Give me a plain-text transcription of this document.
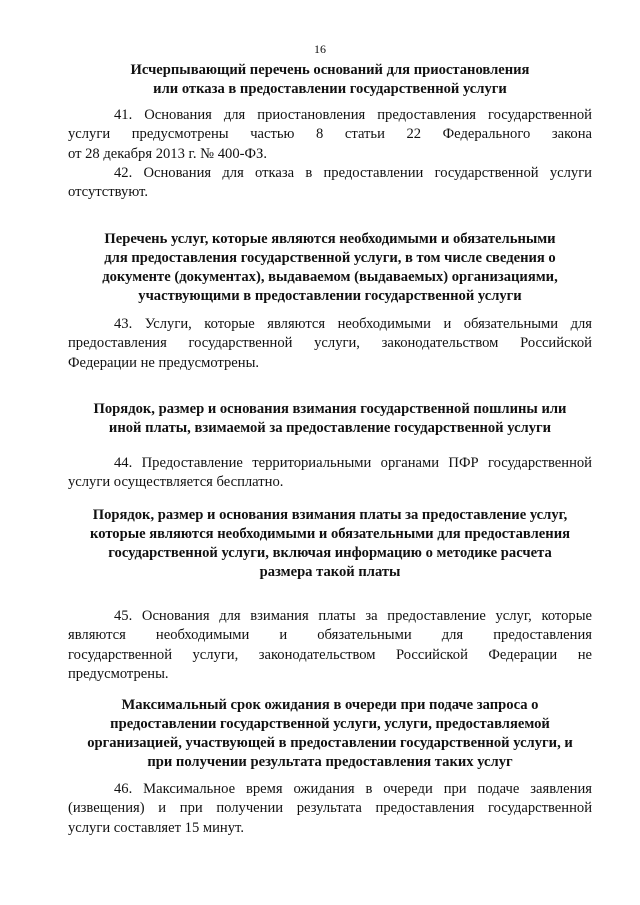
16
Исчерпывающий перечень оснований для приостановления
или отказа в предоставлении государственной услуги
41. Основания для приостановления предоставления государственной
услуги предусмотрены частью 8 статьи 22 Федерального закона
от 28 декабря 2013 г. № 400-ФЗ.
42. Основания для отказа в предоставлении государственной услуги
отсутствуют.
Перечень услуг, которые являются необходимыми и обязательными
для предоставления государственной услуги, в том числе сведения о
документе (документах), выдаваемом (выдаваемых) организациями,
участвующими в предоставлении государственной услуги
43. Услуги, которые являются необходимыми и обязательными для
предоставления государственной услуги, законодательством Российской
Федерации не предусмотрены.
Порядок, размер и основания взимания государственной пошлины или
иной платы, взимаемой за предоставление государственной услуги
44. Предоставление территориальными органами ПФР государственной
услуги осуществляется бесплатно.
Порядок, размер и основания взимания платы за предоставление услуг,
которые являются необходимыми и обязательными для предоставления
государственной услуги, включая информацию о методике расчета
размера такой платы
45. Основания для взимания платы за предоставление услуг, которые
являются необходимыми и обязательными для предоставления
государственной услуги, законодательством Российской Федерации не
предусмотрены.
Максимальный срок ожидания в очереди при подаче запроса о
предоставлении государственной услуги, услуги, предоставляемой
организацией, участвующей в предоставлении государственной услуги, и
при получении результата предоставления таких услуг
46. Максимальное время ожидания в очереди при подаче заявления
(извещения) и при получении результата предоставления государственной
услуги составляет 15 минут.
